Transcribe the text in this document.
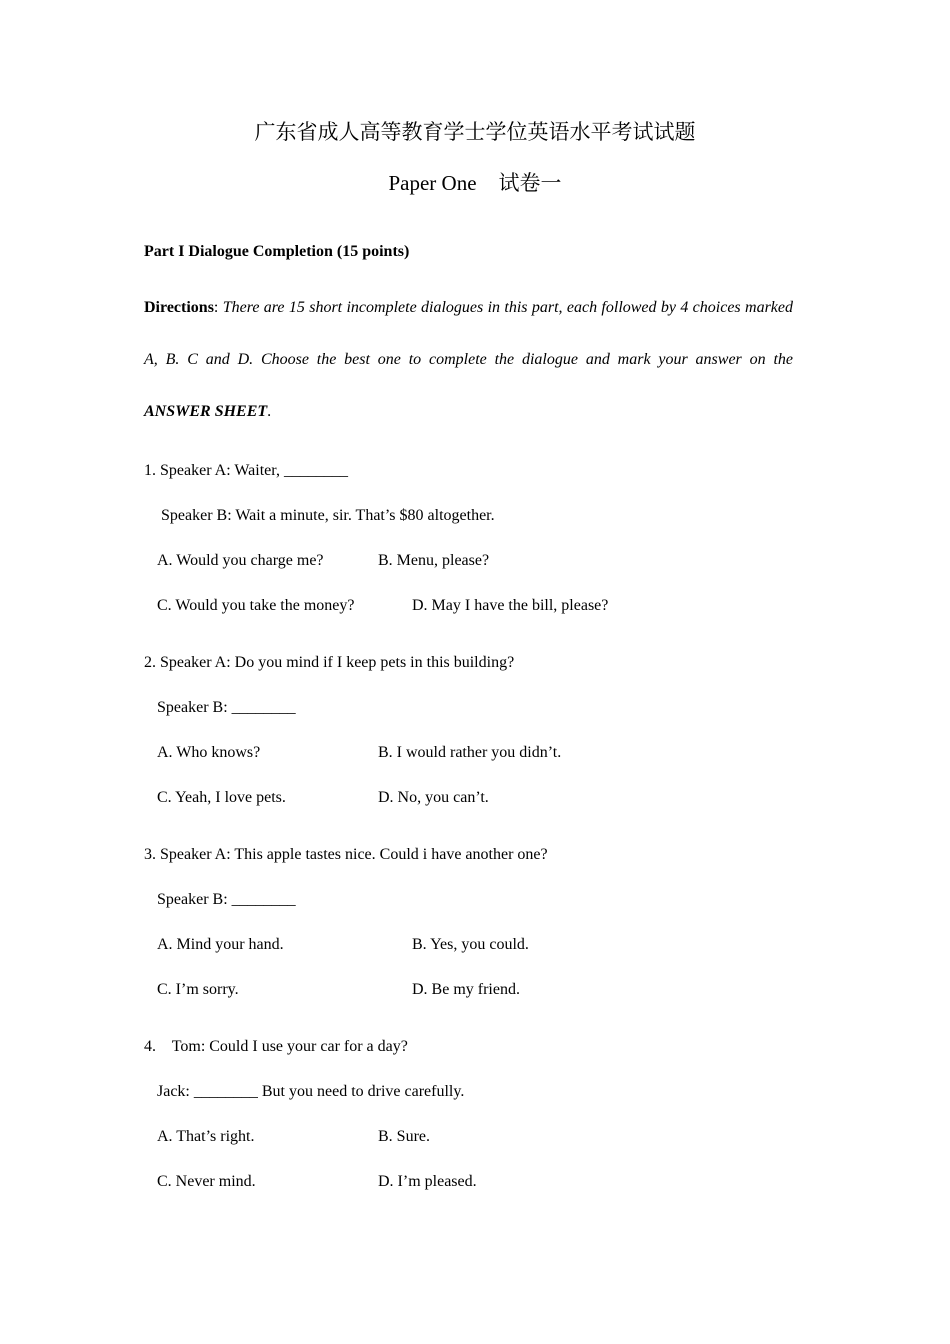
广东省成人高等教育学士学位英语水平考试试题
Paper One 试卷一
Part I Dialogue Completion (15 points)
Directions: There are 15 short incomplete dialogues in this part, each followed by 4 choices marked A, B. C and D. Choose the best one to complete the dialogue and mark your answer on the ANSWER SHEET.
1. Speaker A: Waiter, ________
Speaker B: Wait a minute, sir. That’s $80 altogether.
A. Would you charge me?	B. Menu, please?
C. Would you take the money?	D. May I have the bill, please?
2. Speaker A: Do you mind if I keep pets in this building?
Speaker B: ________
A. Who knows?	B. I would rather you didn’t.
C. Yeah, I love pets.	D. No, you can’t.
3. Speaker A: This apple tastes nice. Could i have another one?
Speaker B: ________
A. Mind your hand.	B. Yes, you could.
C. I’m sorry.	D. Be my friend.
4.    Tom: Could I use your car for a day?
Jack: ________ But you need to drive carefully.
A. That’s right.	B. Sure.
C. Never mind.	D. I’m pleased.
